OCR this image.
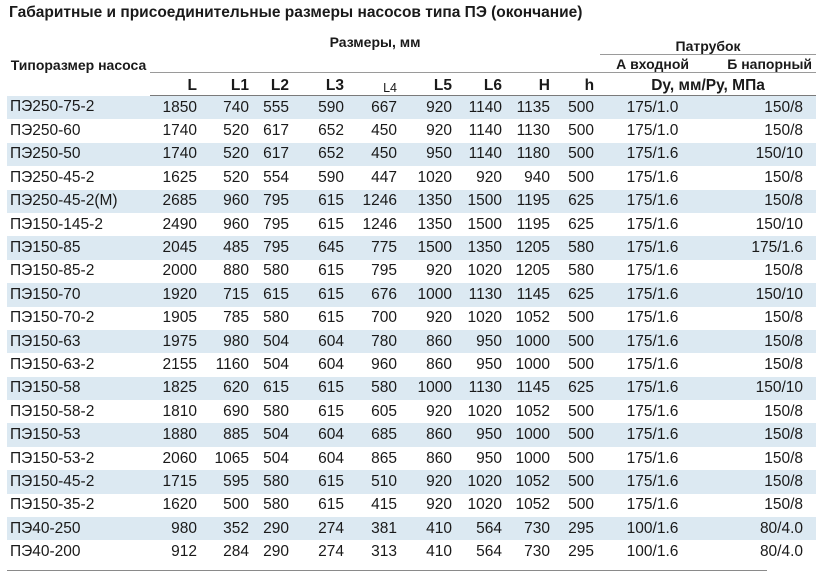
Габаритные и присоединительные размеры насосов типа ПЭ (окончание)
Типоразмер насоса	Размеры, мм									Патрубок	
										А входной	Б напорный
	L	L1	L2	L3	L4	L5	L6	H	h	Dy, мм/Ру, МПа	
ПЭ250-75-2	1850	740	555	590	667	920	1140	1135	500	175/1.0	150/8
ПЭ250-60	1740	520	617	652	450	920	1140	1130	500	175/1.0	150/8
ПЭ250-50	1740	520	617	652	450	950	1140	1180	500	175/1.6	150/10
ПЭ250-45-2	1625	520	554	590	447	1020	920	940	500	175/1.6	150/8
ПЭ250-45-2(М)	2685	960	795	615	1246	1350	1500	1195	625	175/1.6	150/8
ПЭ150-145-2	2490	960	795	615	1246	1350	1500	1195	625	175/1.6	150/10
ПЭ150-85	2045	485	795	645	775	1500	1350	1205	580	175/1.6	175/1.6
ПЭ150-85-2	2000	880	580	615	795	920	1020	1205	580	175/1.6	150/8
ПЭ150-70	1920	715	615	615	676	1000	1130	1145	625	175/1.6	150/10
ПЭ150-70-2	1905	785	580	615	700	920	1020	1052	500	175/1.6	150/8
ПЭ150-63	1975	980	504	604	780	860	950	1000	500	175/1.6	150/8
ПЭ150-63-2	2155	1160	504	604	960	860	950	1000	500	175/1.6	150/8
ПЭ150-58	1825	620	615	615	580	1000	1130	1145	625	175/1.6	150/10
ПЭ150-58-2	1810	690	580	615	605	920	1020	1052	500	175/1.6	150/8
ПЭ150-53	1880	885	504	604	685	860	950	1000	500	175/1.6	150/8
ПЭ150-53-2	2060	1065	504	604	865	860	950	1000	500	175/1.6	150/8
ПЭ150-45-2	1715	595	580	615	510	920	1020	1052	500	175/1.6	150/8
ПЭ150-35-2	1620	500	580	615	415	920	1020	1052	500	175/1.6	150/8
ПЭ40-250	980	352	290	274	381	410	564	730	295	100/1.6	80/4.0
ПЭ40-200	912	284	290	274	313	410	564	730	295	100/1.6	80/4.0
